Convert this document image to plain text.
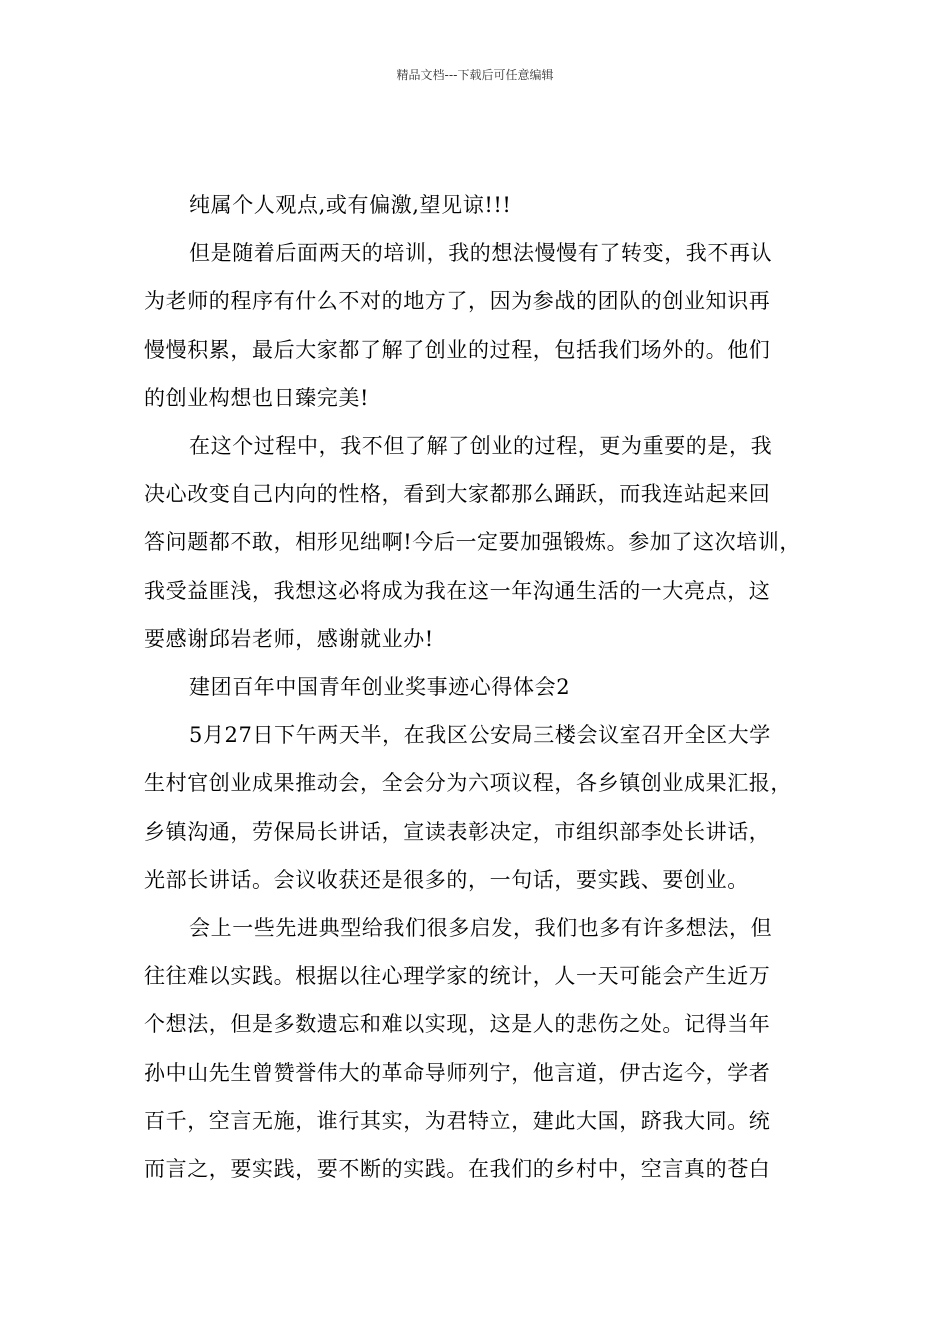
精品文档---下载后可任意编辑

纯属个人观点,或有偏激,望见谅!!!

但是随着后面两天的培训，我的想法慢慢有了转变，我不再认

为老师的程序有什么不对的地方了，因为参战的团队的创业知识再

慢慢积累，最后大家都了解了创业的过程，包括我们场外的。他们

的创业构想也日臻完美!

在这个过程中，我不但了解了创业的过程，更为重要的是，我

决心改变自己内向的性格，看到大家都那么踊跃，而我连站起来回

答问题都不敢，相形见绌啊!今后一定要加强锻炼。参加了这次培训，

我受益匪浅，我想这必将成为我在这一年沟通生活的一大亮点，这

要感谢邱岩老师，感谢就业办!

建团百年中国青年创业奖事迹心得体会2

5月27日下午两天半，在我区公安局三楼会议室召开全区大学

生村官创业成果推动会，全会分为六项议程，各乡镇创业成果汇报，

乡镇沟通，劳保局长讲话，宣读表彰决定，市组织部李处长讲话，

光部长讲话。会议收获还是很多的，一句话，要实践、要创业。

会上一些先进典型给我们很多启发，我们也多有许多想法，但

往往难以实践。根据以往心理学家的统计，人一天可能会产生近万

个想法，但是多数遗忘和难以实现，这是人的悲伤之处。记得当年

孙中山先生曾赞誉伟大的革命导师列宁，他言道，伊古迄今，学者

百千，空言无施，谁行其实，为君特立，建此大国，跻我大同。统

而言之，要实践，要不断的实践。在我们的乡村中，空言真的苍白
